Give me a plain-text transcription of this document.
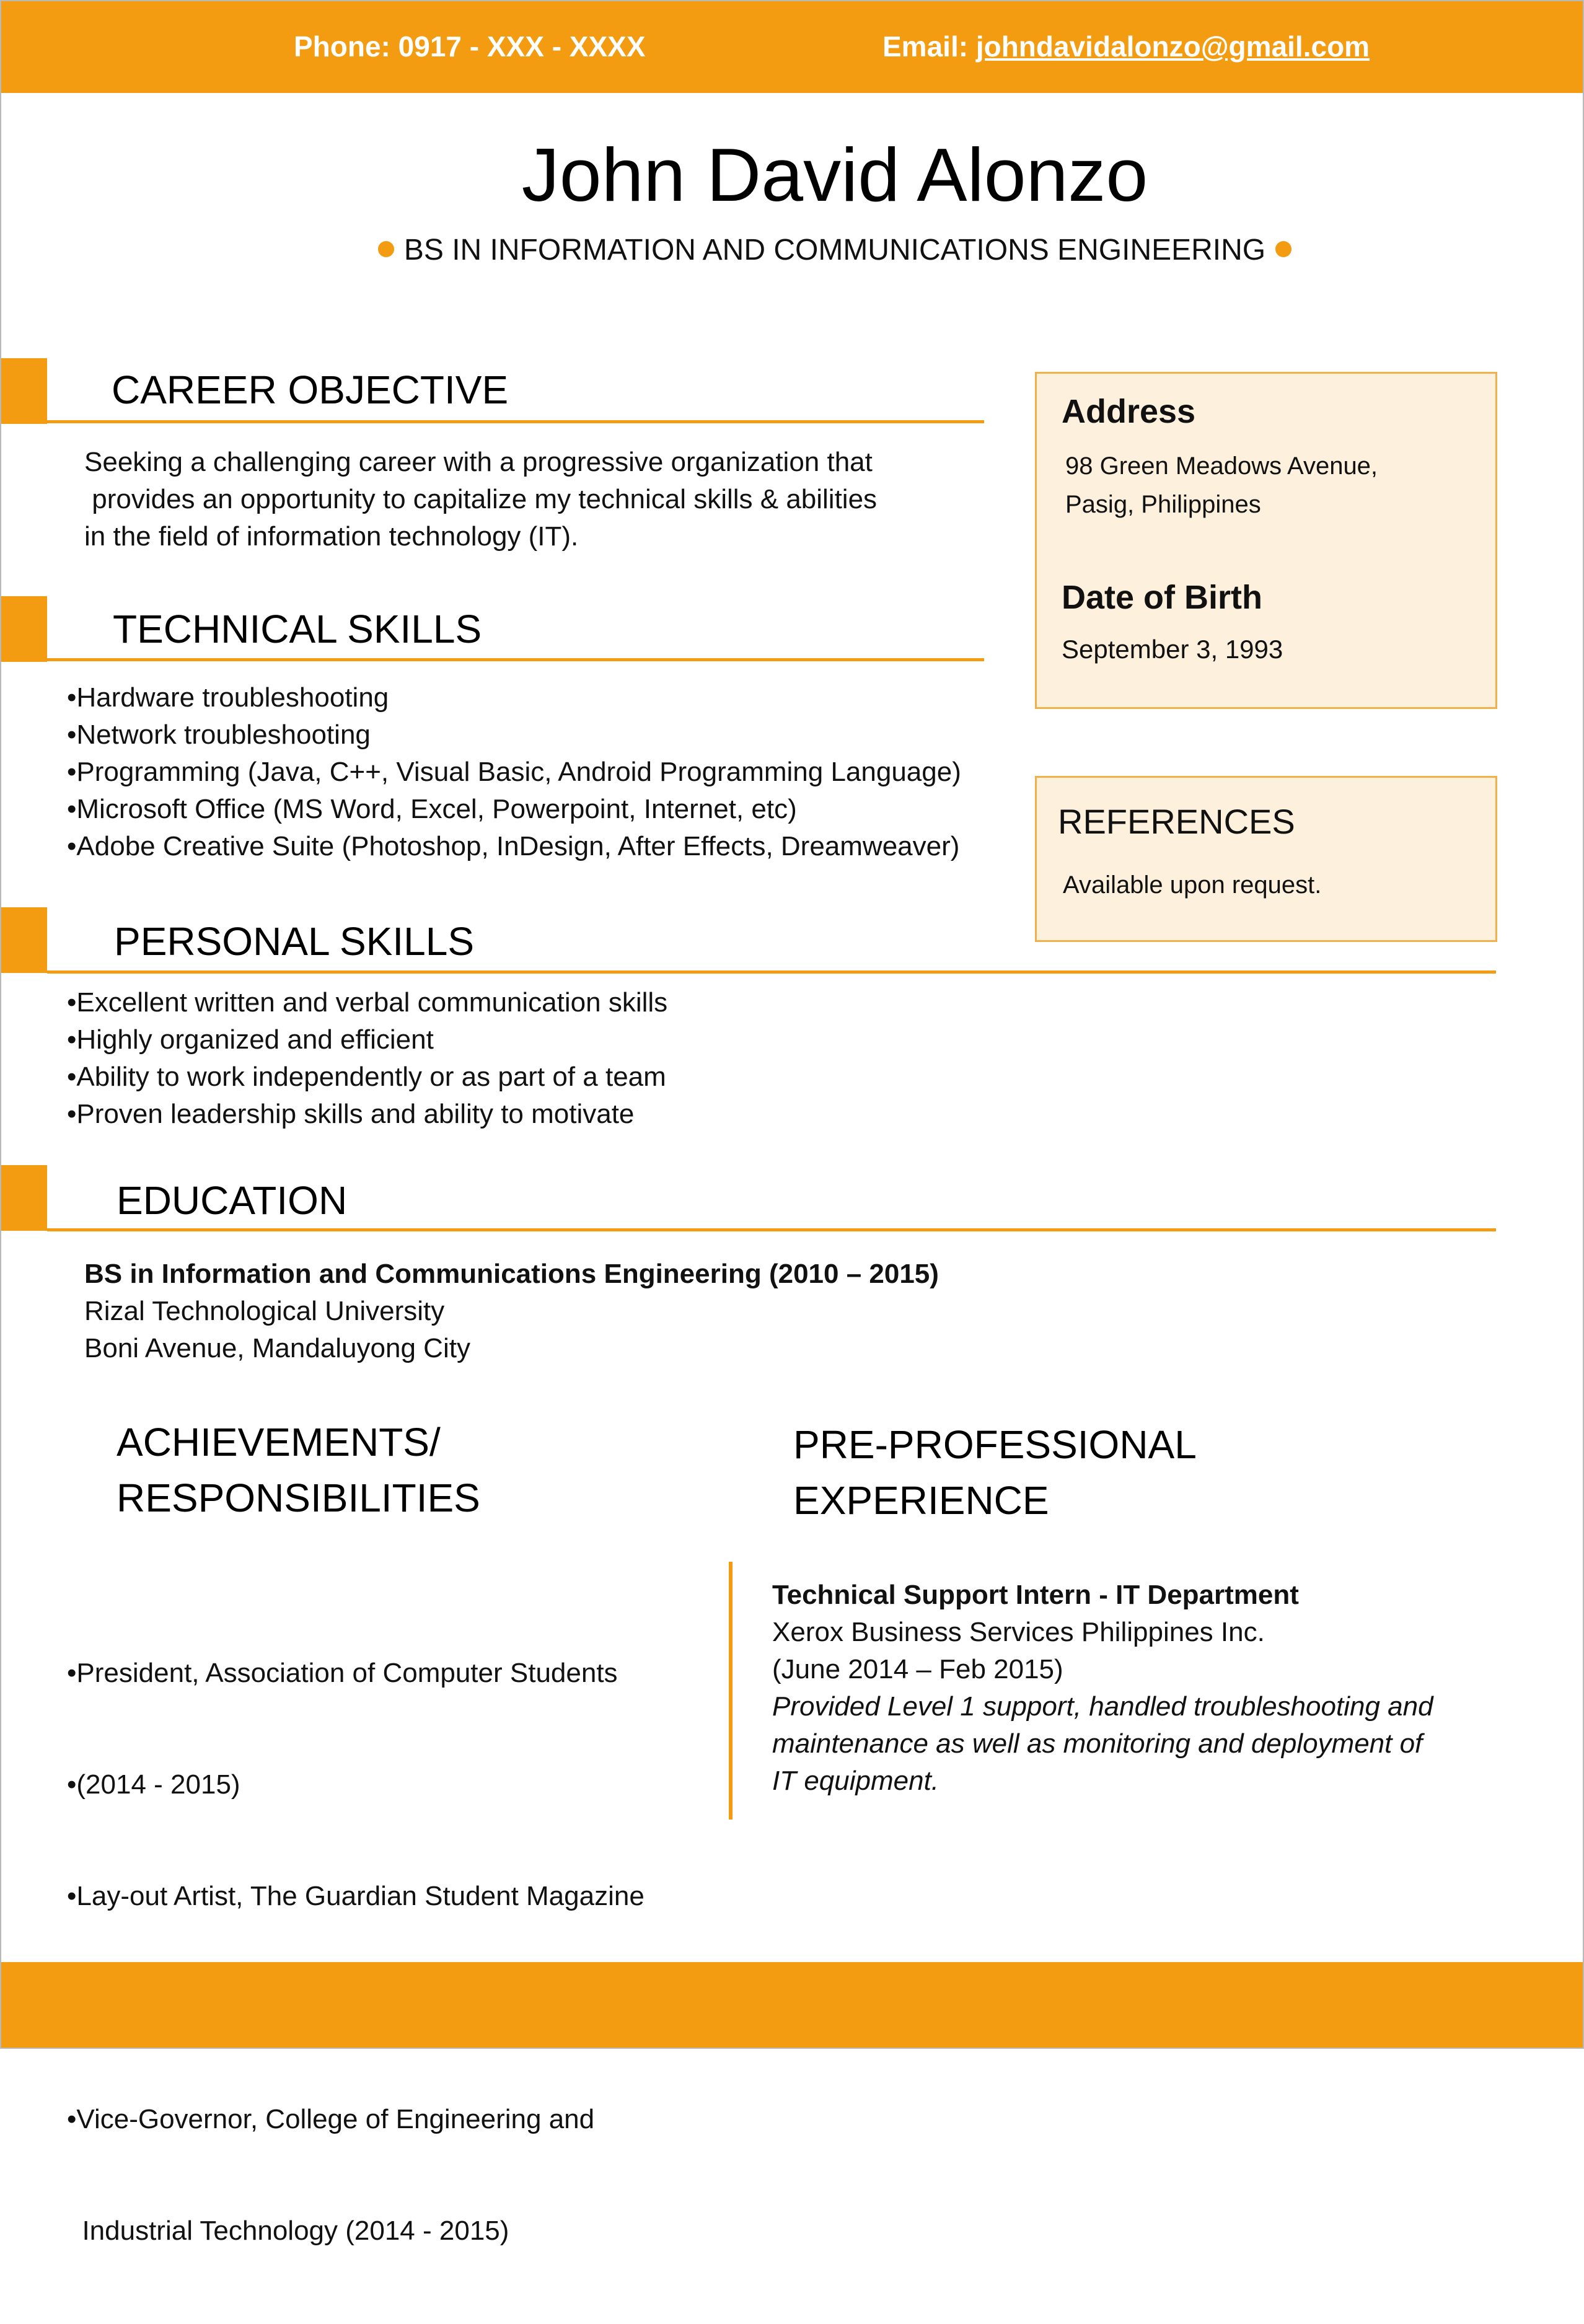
Phone: 0917 - XXX - XXXX	Email: johndavidalonzo@gmail.com
John David Alonzo
BS IN INFORMATION AND COMMUNICATIONS ENGINEERING
CAREER OBJECTIVE
Seeking a challenging career with a progressive organization that
provides an opportunity to capitalize my technical skills & abilities
in the field of information technology (IT).
TECHNICAL SKILLS
•Hardware troubleshooting
•Network troubleshooting
•Programming (Java, C++, Visual Basic, Android Programming Language)
•Microsoft Office (MS Word, Excel, Powerpoint, Internet, etc)
•Adobe Creative Suite (Photoshop, InDesign, After Effects, Dreamweaver)
PERSONAL SKILLS
•Excellent written and verbal communication skills
•Highly organized and efficient
•Ability to work independently or as part of a team
•Proven leadership skills and ability to motivate
EDUCATION
BS in Information and Communications Engineering (2010 – 2015)
Rizal Technological University
Boni Avenue, Mandaluyong City
ACHIEVEMENTS/
RESPONSIBILITIES

•President, Association of Computer Students

•(2014 - 2015)

•Lay-out Artist, The Guardian Student Magazine

•Vice-Governor, College of Engineering and

Industrial Technology (2014 - 2015)

PRE-PROFESSIONAL
EXPERIENCE
Technical Support Intern - IT Department
Xerox Business Services Philippines Inc.
(June 2014 – Feb 2015)
Provided Level 1 support, handled troubleshooting and
maintenance as well as monitoring and deployment of
IT equipment.
Address
98 Green Meadows Avenue,
Pasig, Philippines
Date of Birth
September 3, 1993
REFERENCES
Available upon request.
